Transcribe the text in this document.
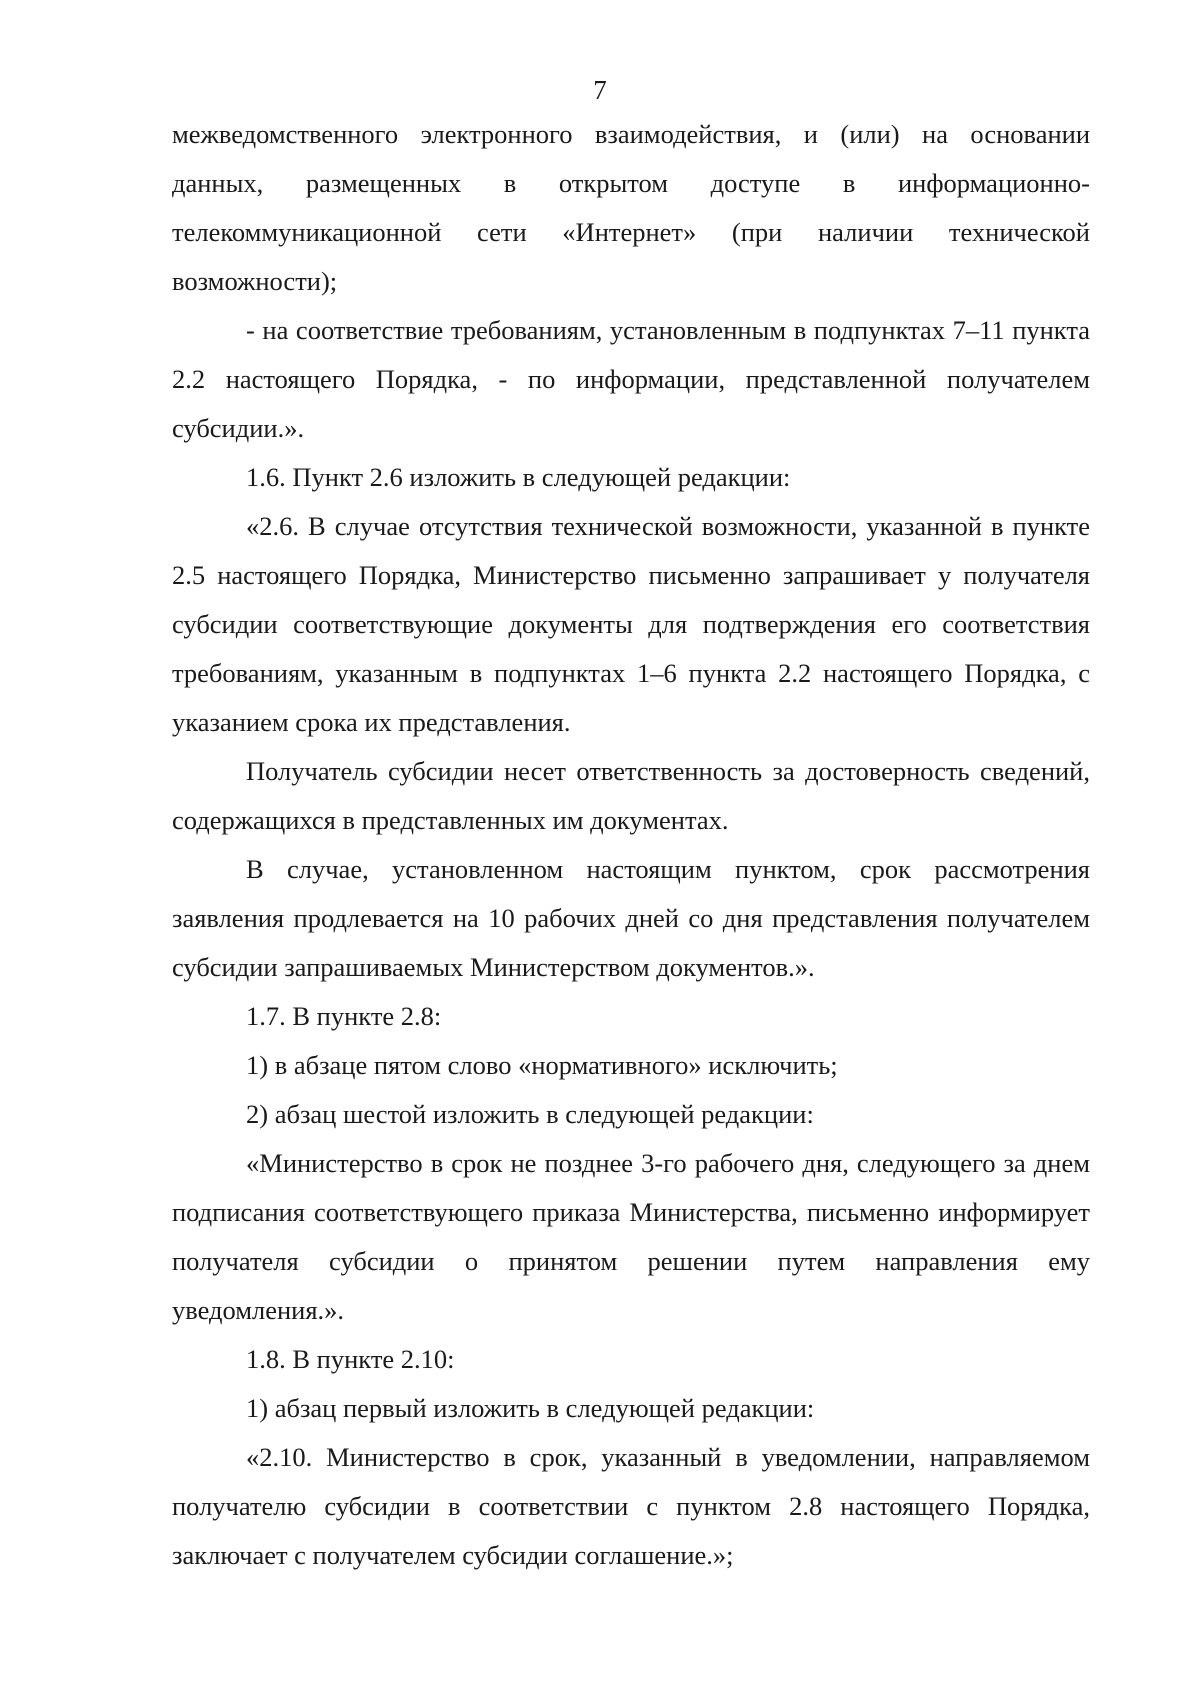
7

межведомственного электронного взаимодействия, и (или) на основании данных, размещенных в открытом доступе в информационно-телекоммуникационной сети «Интернет» (при наличии технической возможности);

- на соответствие требованиям, установленным в подпунктах 7–11 пункта 2.2 настоящего Порядка, - по информации, представленной получателем субсидии.».

1.6. Пункт 2.6 изложить в следующей редакции:

«2.6. В случае отсутствия технической возможности, указанной в пункте 2.5 настоящего Порядка, Министерство письменно запрашивает у получателя субсидии соответствующие документы для подтверждения его соответствия требованиям, указанным в подпунктах 1–6 пункта 2.2 настоящего Порядка, с указанием срока их представления.

Получатель субсидии несет ответственность за достоверность сведений, содержащихся в представленных им документах.

В случае, установленном настоящим пунктом, срок рассмотрения заявления продлевается на 10 рабочих дней со дня представления получателем субсидии запрашиваемых Министерством документов.».

1.7. В пункте 2.8:

1) в абзаце пятом слово «нормативного» исключить;

2) абзац шестой изложить в следующей редакции:

«Министерство в срок не позднее 3-го рабочего дня, следующего за днем подписания соответствующего приказа Министерства, письменно информирует получателя субсидии о принятом решении путем направления ему уведомления.».

1.8. В пункте 2.10:

1) абзац первый изложить в следующей редакции:

«2.10. Министерство в срок, указанный в уведомлении, направляемом получателю субсидии в соответствии с пунктом 2.8 настоящего Порядка, заключает с получателем субсидии соглашение.»;
